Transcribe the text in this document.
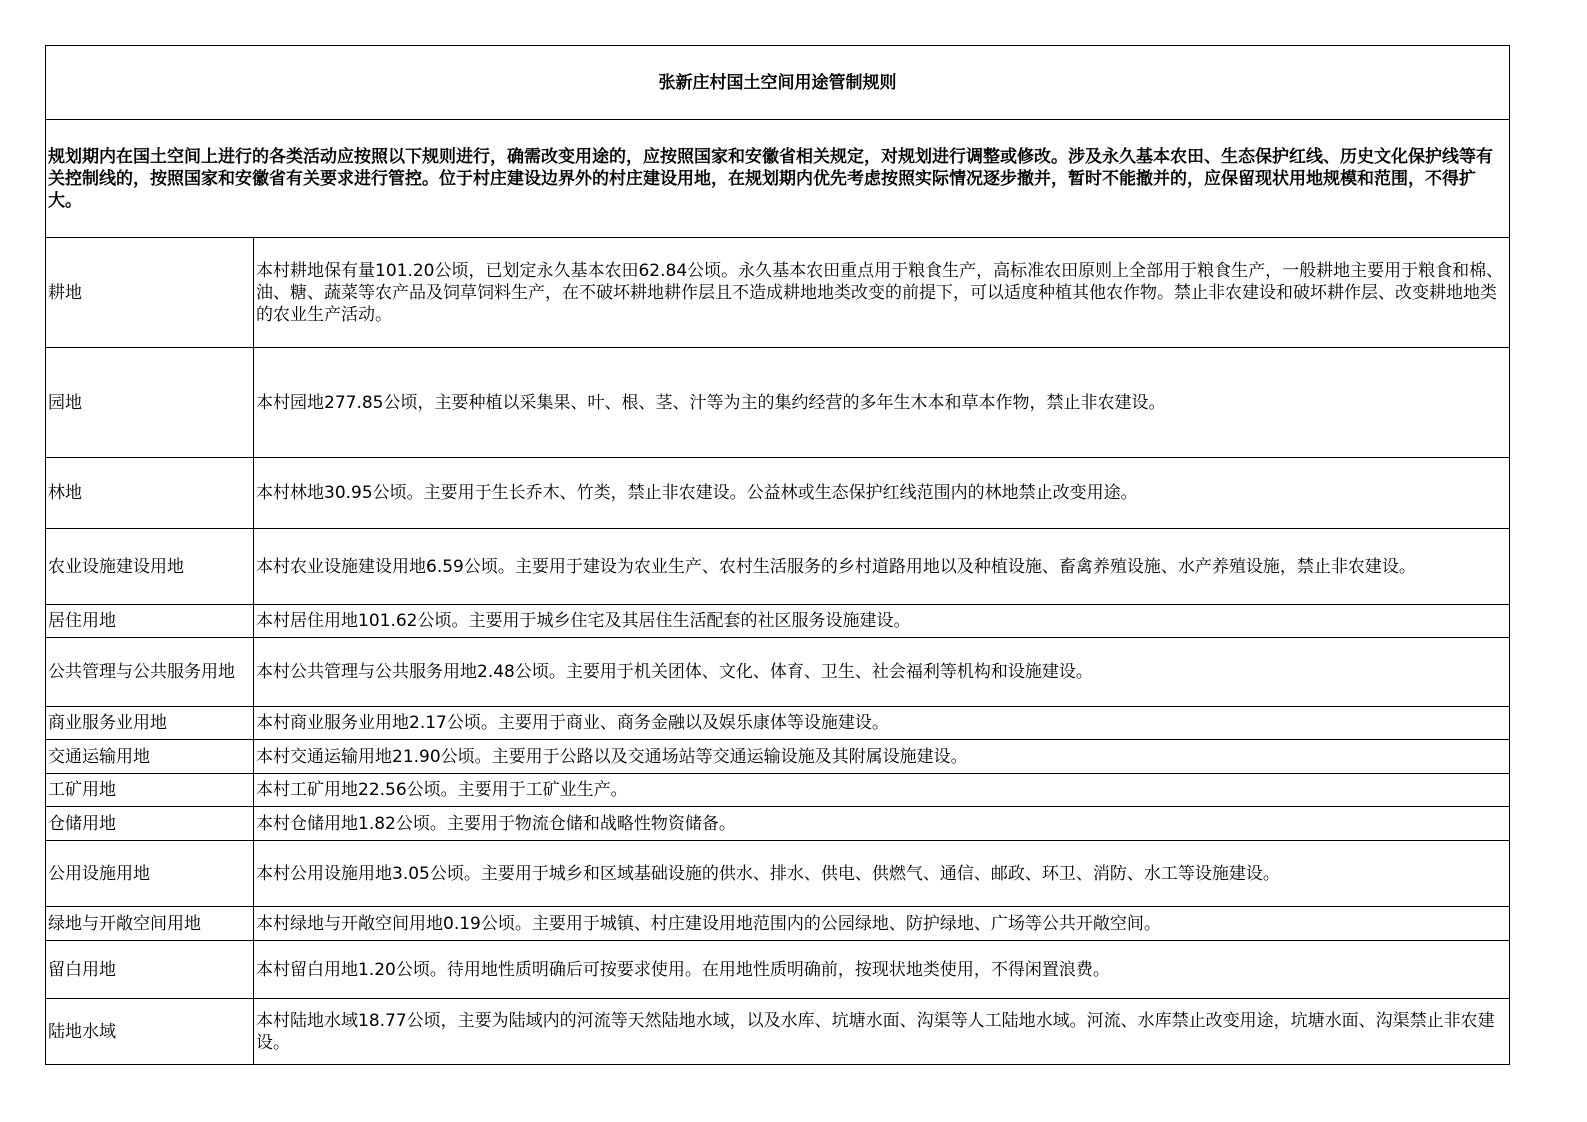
张新庄村国土空间用途管制规则	
规划期内在国土空间上进行的各类活动应按照以下规则进行，确需改变用途的，应按照国家和安徽省相关规定，对规划进行调整或修改。涉及永久基本农田、生态保护红线、历史文化保护线等有关控制线的，按照国家和安徽省有关要求进行管控。位于村庄建设边界外的村庄建设用地，在规划期内优先考虑按照实际情况逐步撤并，暂时不能撤并的，应保留现状用地规模和范围，不得扩大。	
耕地	本村耕地保有量101.20公顷，已划定永久基本农田62.84公顷。永久基本农田重点用于粮食生产，高标准农田原则上全部用于粮食生产，一般耕地主要用于粮食和棉、油、糖、蔬菜等农产品及饲草饲料生产，在不破坏耕地耕作层且不造成耕地地类改变的前提下，可以适度种植其他农作物。禁止非农建设和破坏耕作层、改变耕地地类的农业生产活动。
园地	本村园地277.85公顷，主要种植以采集果、叶、根、茎、汁等为主的集约经营的多年生木本和草本作物，禁止非农建设。
林地	本村林地30.95公顷。主要用于生长乔木、竹类，禁止非农建设。公益林或生态保护红线范围内的林地禁止改变用途。
农业设施建设用地	本村农业设施建设用地6.59公顷。主要用于建设为农业生产、农村生活服务的乡村道路用地以及种植设施、畜禽养殖设施、水产养殖设施，禁止非农建设。
居住用地	本村居住用地101.62公顷。主要用于城乡住宅及其居住生活配套的社区服务设施建设。
公共管理与公共服务用地	本村公共管理与公共服务用地2.48公顷。主要用于机关团体、文化、体育、卫生、社会福利等机构和设施建设。
商业服务业用地	本村商业服务业用地2.17公顷。主要用于商业、商务金融以及娱乐康体等设施建设。
交通运输用地	本村交通运输用地21.90公顷。主要用于公路以及交通场站等交通运输设施及其附属设施建设。
工矿用地	本村工矿用地22.56公顷。主要用于工矿业生产。
仓储用地	本村仓储用地1.82公顷。主要用于物流仓储和战略性物资储备。
公用设施用地	本村公用设施用地3.05公顷。主要用于城乡和区域基础设施的供水、排水、供电、供燃气、通信、邮政、环卫、消防、水工等设施建设。
绿地与开敞空间用地	本村绿地与开敞空间用地0.19公顷。主要用于城镇、村庄建设用地范围内的公园绿地、防护绿地、广场等公共开敞空间。
留白用地	本村留白用地1.20公顷。待用地性质明确后可按要求使用。在用地性质明确前，按现状地类使用，不得闲置浪费。
陆地水域	本村陆地水域18.77公顷，主要为陆域内的河流等天然陆地水域，以及水库、坑塘水面、沟渠等人工陆地水域。河流、水库禁止改变用途，坑塘水面、沟渠禁止非农建设。
